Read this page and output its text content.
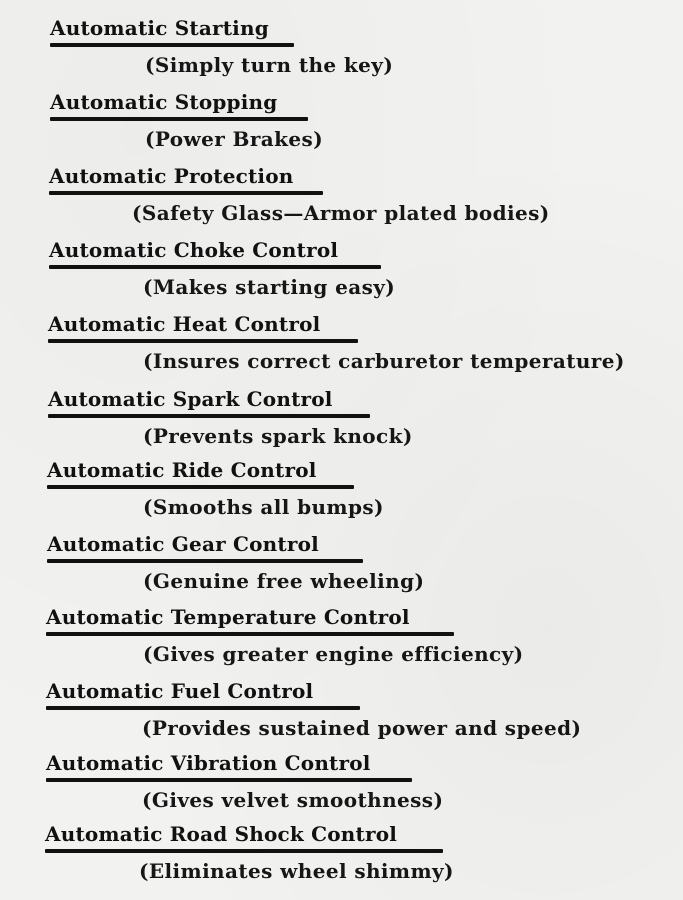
Automatic Starting
(Simply turn the key)
Automatic Stopping
(Power Brakes)
Automatic Protection
(Safety Glass—Armor plated bodies)
Automatic Choke Control
(Makes starting easy)
Automatic Heat Control
(Insures correct carburetor temperature)
Automatic Spark Control
(Prevents spark knock)
Automatic Ride Control
(Smooths all bumps)
Automatic Gear Control
(Genuine free wheeling)
Automatic Temperature Control
(Gives greater engine efficiency)
Automatic Fuel Control
(Provides sustained power and speed)
Automatic Vibration Control
(Gives velvet smoothness)
Automatic Road Shock Control
(Eliminates wheel shimmy)
